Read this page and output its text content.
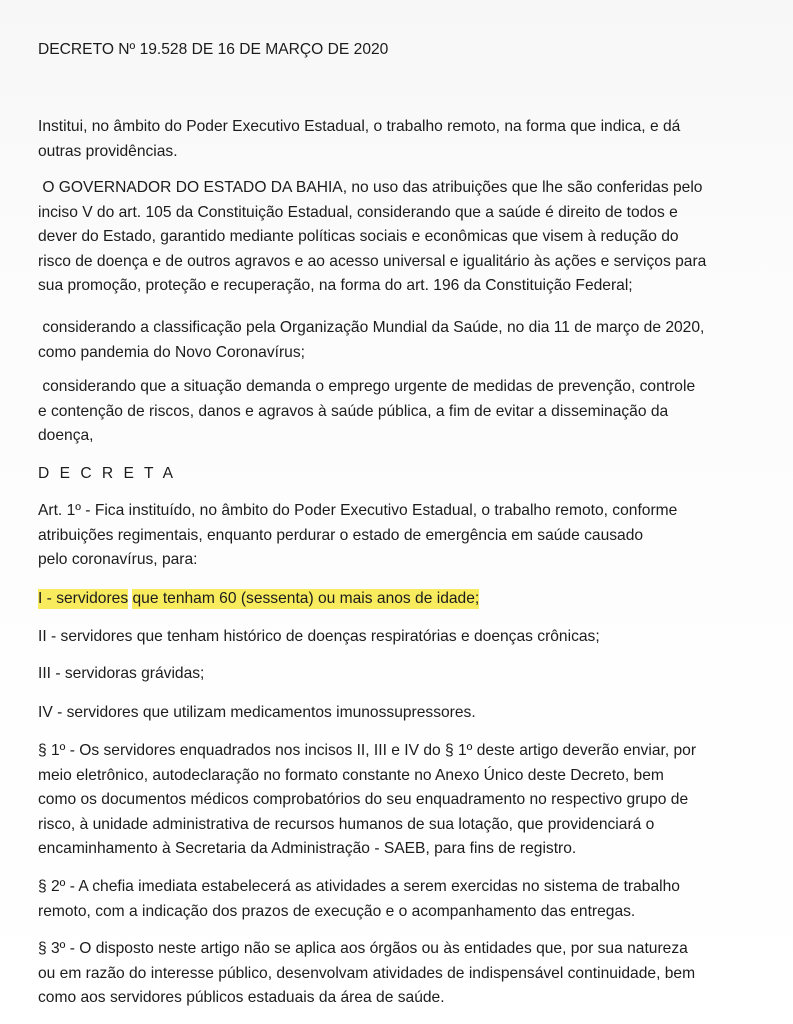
DECRETO Nº 19.528 DE 16 DE MARÇO DE 2020
Institui, no âmbito do Poder Executivo Estadual, o trabalho remoto, na forma que indica, e dá
outras providências.
O GOVERNADOR DO ESTADO DA BAHIA, no uso das atribuições que lhe são conferidas pelo
inciso V do art. 105 da Constituição Estadual, considerando que a saúde é direito de todos e
dever do Estado, garantido mediante políticas sociais e econômicas que visem à redução do
risco de doença e de outros agravos e ao acesso universal e igualitário às ações e serviços para
sua promoção, proteção e recuperação, na forma do art. 196 da Constituição Federal;
considerando a classificação pela Organização Mundial da Saúde, no dia 11 de março de 2020,
como pandemia do Novo Coronavírus;
considerando que a situação demanda o emprego urgente de medidas de prevenção, controle
e contenção de riscos, danos e agravos à saúde pública, a fim de evitar a disseminação da
doença,
D E C R E T A
Art. 1º - Fica instituído, no âmbito do Poder Executivo Estadual, o trabalho remoto, conforme
atribuições regimentais, enquanto perdurar o estado de emergência em saúde causado
pelo coronavírus, para:
I - servidores que tenham 60 (sessenta) ou mais anos de idade;
II - servidores que tenham histórico de doenças respiratórias e doenças crônicas;
III - servidoras grávidas;
IV - servidores que utilizam medicamentos imunossupressores.
§ 1º - Os servidores enquadrados nos incisos II, III e IV do § 1º deste artigo deverão enviar, por
meio eletrônico, autodeclaração no formato constante no Anexo Único deste Decreto, bem
como os documentos médicos comprobatórios do seu enquadramento no respectivo grupo de
risco, à unidade administrativa de recursos humanos de sua lotação, que providenciará o
encaminhamento à Secretaria da Administração - SAEB, para fins de registro.
§ 2º - A chefia imediata estabelecerá as atividades a serem exercidas no sistema de trabalho
remoto, com a indicação dos prazos de execução e o acompanhamento das entregas.
§ 3º - O disposto neste artigo não se aplica aos órgãos ou às entidades que, por sua natureza
ou em razão do interesse público, desenvolvam atividades de indispensável continuidade, bem
como aos servidores públicos estaduais da área de saúde.
